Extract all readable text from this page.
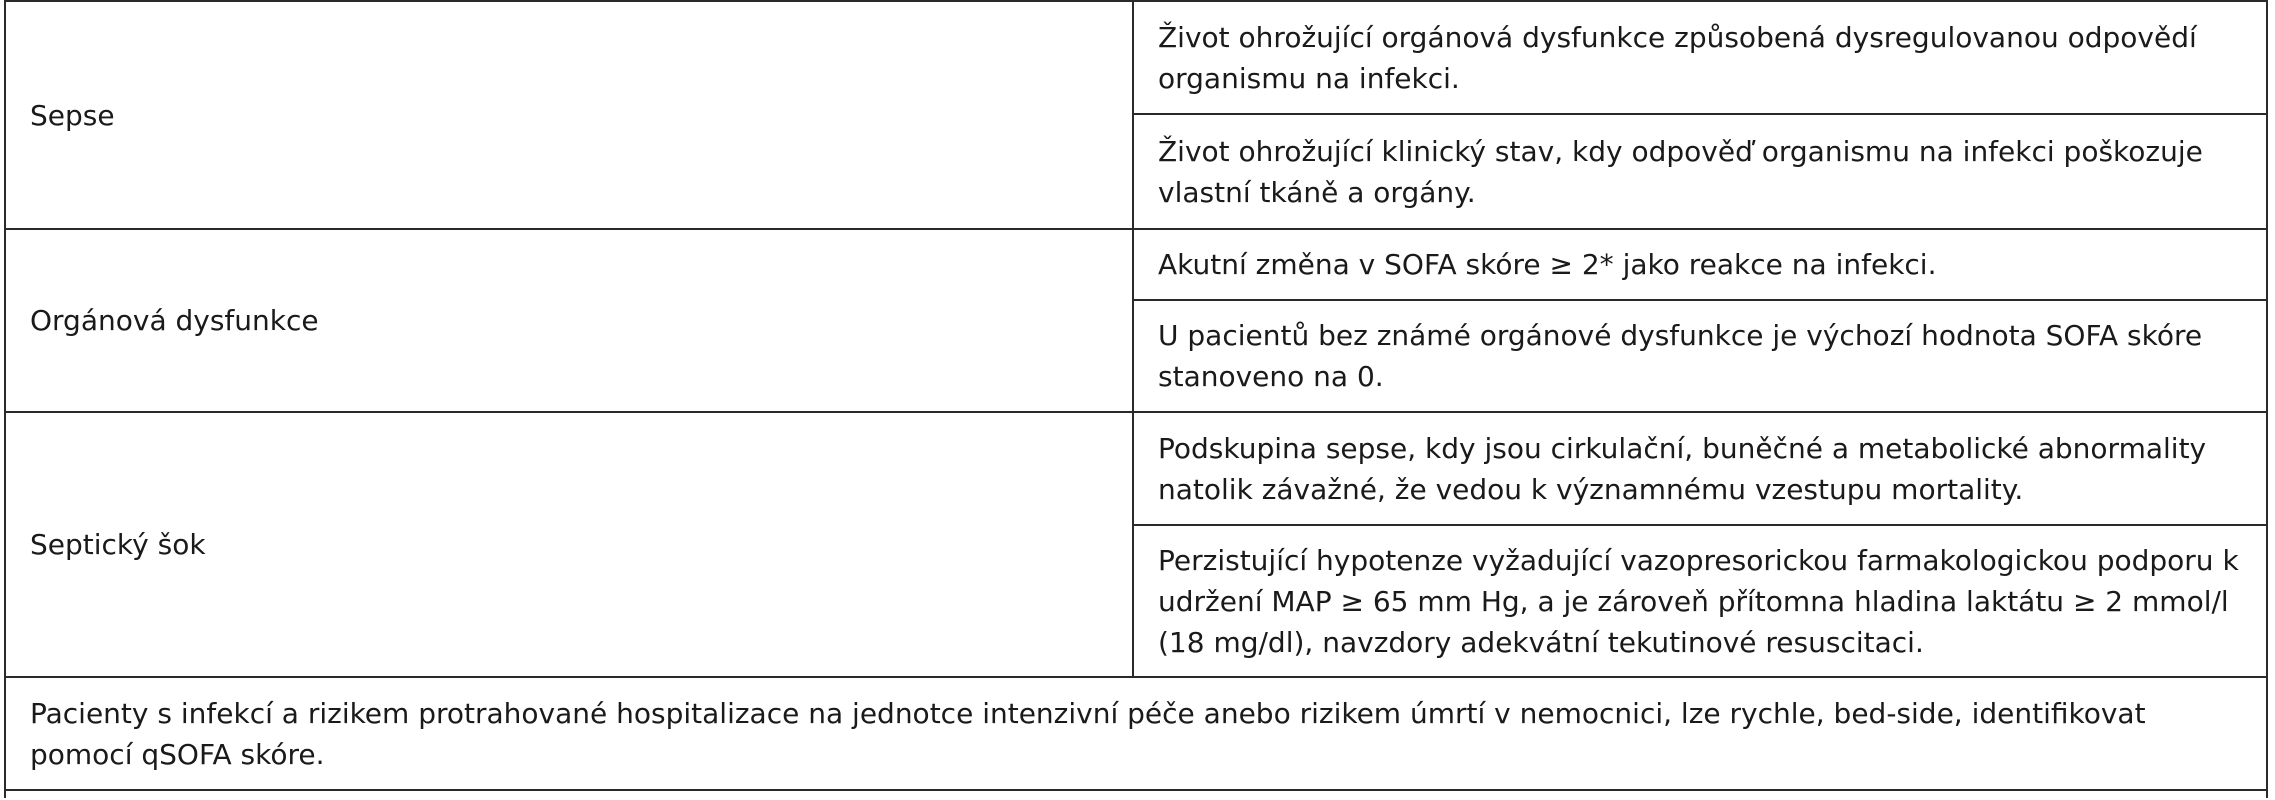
Sepse	Život ohrožující orgánová dysfunkce způsobená dysregulovanou odpovědí organismu na infekci.
	Život ohrožující klinický stav, kdy odpověď organismu na infekci poškozuje vlastní tkáně a orgány.
Orgánová dysfunkce	Akutní změna v SOFA skóre ≥ 2* jako reakce na infekci.
	U pacientů bez známé orgánové dysfunkce je výchozí hodnota SOFA skóre stanoveno na 0.
Septický šok	Podskupina sepse, kdy jsou cirkulační, buněčné a metabolické abnormality natolik závažné, že vedou k významnému vzestupu mortality.
	Perzistující hypotenze vyžadující vazopresorickou farmakologickou podporu k udržení MAP ≥ 65 mm Hg, a je zároveň přítomna hladina laktátu ≥ 2 mmol/l (18 mg/dl), navzdory adekvátní tekutinové resuscitaci.
Pacienty s infekcí a rizikem protrahované hospitalizace na jednotce intenzivní péče anebo rizikem úmrtí v nemocnici, lze rychle, bed-side, identifikovat pomocí qSOFA skóre.	
